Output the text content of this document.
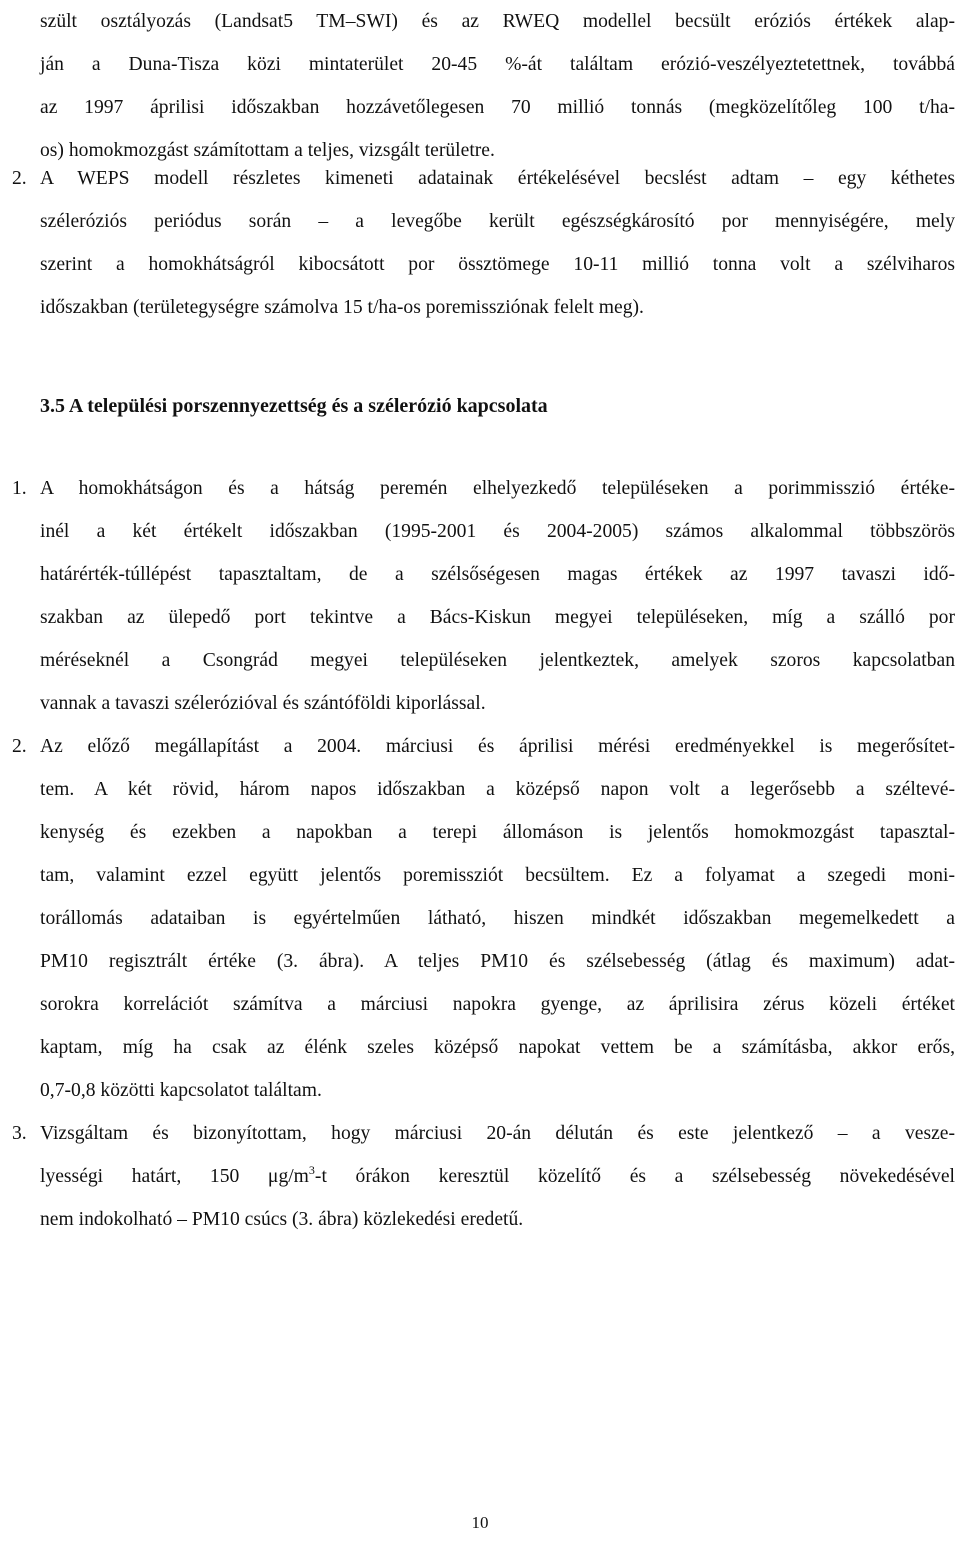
szült osztályozás (Landsat5 TM–SWI) és az RWEQ modellel becsült eróziós értékek alap-
ján a Duna-Tisza közi mintaterület 20-45 %-át találtam erózió-veszélyeztetettnek, továbbá
az 1997 áprilisi időszakban hozzávetőlegesen 70 millió tonnás (megközelítőleg 100 t/ha-
os) homokmozgást számítottam a teljes, vizsgált területre.
2. A WEPS modell részletes kimeneti adatainak értékelésével becslést adtam – egy kéthetes
széleróziós periódus során – a levegőbe került egészségkárosító por mennyiségére, mely
szerint a homokhátságról kibocsátott por össztömege 10-11 millió tonna volt a szélviharos
időszakban (területegységre számolva 15 t/ha-os poremissziónak felelt meg).
3.5 A települési porszennyezettség és a szélerózió kapcsolata
1. A homokhátságon és a hátság peremén elhelyezkedő településeken a porimmisszió értéke-
inél a két értékelt időszakban (1995-2001 és 2004-2005) számos alkalommal többszörös
határérték-túllépést tapasztaltam, de a szélsőségesen magas értékek az 1997 tavaszi idő-
szakban az ülepedő port tekintve a Bács-Kiskun megyei településeken, míg a szálló por
méréseknél a Csongrád megyei településeken jelentkeztek, amelyek szoros kapcsolatban
vannak a tavaszi szélerózióval és szántóföldi kiporlással.
2. Az előző megállapítást a 2004. márciusi és áprilisi mérési eredményekkel is megerősítet-
tem. A két rövid, három napos időszakban a középső napon volt a legerősebb a széltevé-
kenység és ezekben a napokban a terepi állomáson is jelentős homokmozgást tapasztal-
tam, valamint ezzel együtt jelentős poremissziót becsültem. Ez a folyamat a szegedi moni-
torállomás adataiban is egyértelműen látható, hiszen mindkét időszakban megemelkedett a
PM10 regisztrált értéke (3. ábra). A teljes PM10 és szélsebesség (átlag és maximum) adat-
sorokra korrelációt számítva a márciusi napokra gyenge, az áprilisira zérus közeli értéket
kaptam, míg ha csak az élénk szeles középső napokat vettem be a számításba, akkor erős,
0,7-0,8 közötti kapcsolatot találtam.
3. Vizsgáltam és bizonyítottam, hogy márciusi 20-án délután és este jelentkező – a vesze-
lyességi határt, 150 $\mu g/m^3-t$ órákon keresztül közelítő és a szélsebesség növekedésével
nem indokolható – PM10 csúcs (3. ábra) közlekedési eredetű.
10
